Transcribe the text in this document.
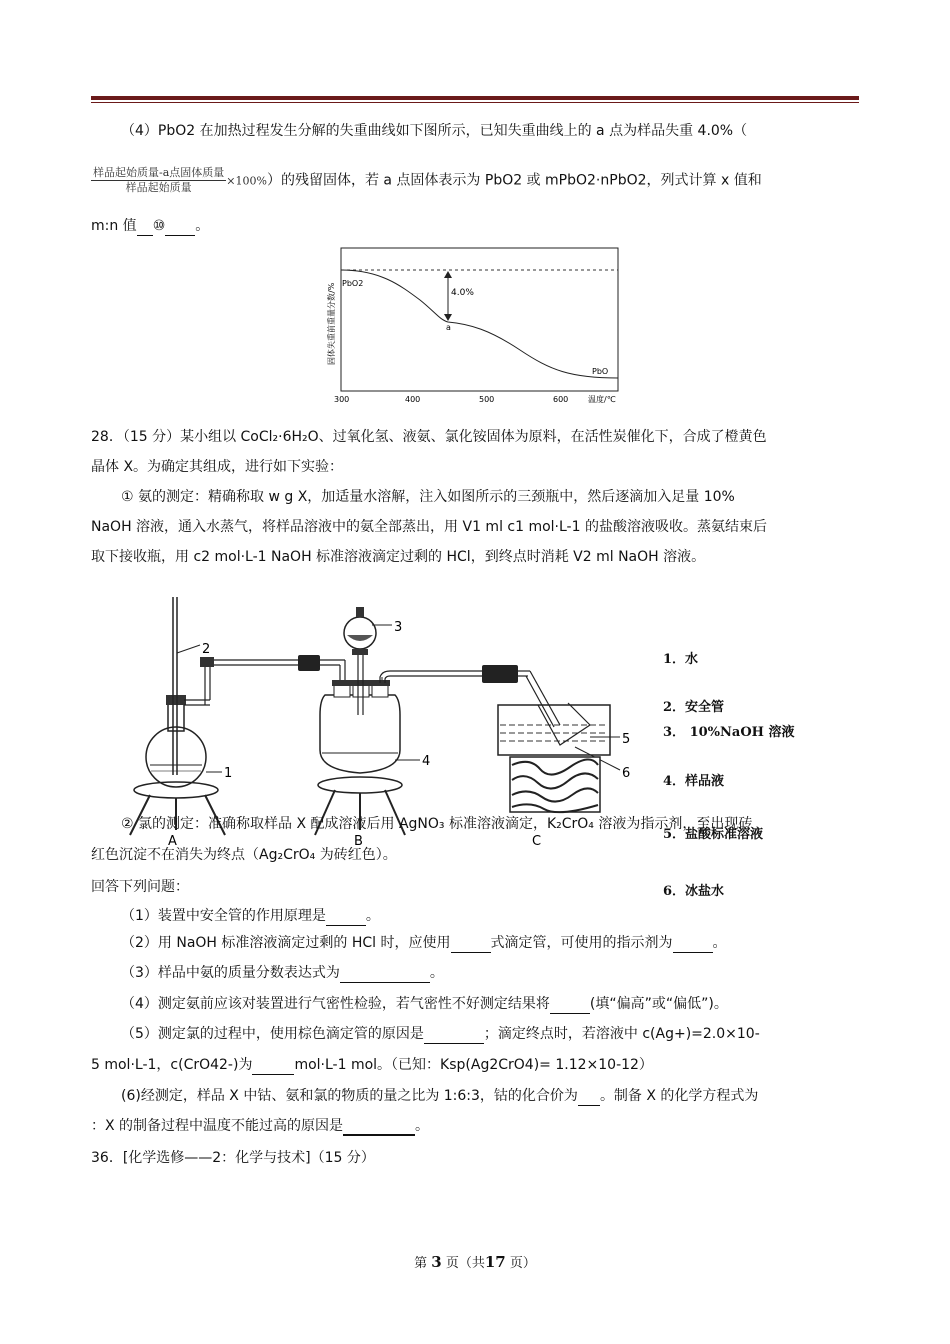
（4）PbO2 在加热过程发生分解的失重曲线如下图所示，已知失重曲线上的 a 点为样品失重 4.0%（
$\frac{\text{样品起始质量-a点固体质量}}{\text{样品起始质量}} \times 100\%$）的残留固体，若 a 点固体表示为 PbO2 或 mPbO2·nPbO2，列式计算 x 值和
m:n 值 ⑩ 。
4.0%
a
PbO2
PbO
固体失重前重量分数/%
300	400	500	600 温度/℃
28．（15 分）某小组以 CoCl₂·6H₂O、过氧化氢、液氨、氯化铵固体为原料，在活性炭催化下，合成了橙黄色
晶体 X。为确定其组成，进行如下实验：
① 氨的测定：精确称取 w g X，加适量水溶解，注入如图所示的三颈瓶中，然后逐滴加入足量 10%
NaOH 溶液，通入水蒸气，将样品溶液中的氨全部蒸出，用 V1 ml c1 mol·L-1 的盐酸溶液吸收。蒸氨结束后
取下接收瓶，用 c2 mol·L-1 NaOH 标准溶液滴定过剩的 HCl，到终点时消耗 V2 ml NaOH 溶液。
1
2
A
3
4
B
5
6
C
1．水
2．安全管
3． 10%NaOH 溶液
4．样品液
5．盐酸标准溶液
6．冰盐水
② 氯的测定：准确称取样品 X 配成溶液后用 AgNO₃ 标准溶液滴定，K₂CrO₄ 溶液为指示剂，至出现砖
红色沉淀不在消失为终点（Ag₂CrO₄ 为砖红色）。
回答下列问题：
（1）装置中安全管的作用原理是	。
（2）用 NaOH 标准溶液滴定过剩的 HCl 时，应使用	式滴定管，可使用的指示剂为	。
（3）样品中氨的质量分数表达式为	。
（4）测定氨前应该对装置进行气密性检验，若气密性不好测定结果将	(填“偏高”或“偏低”)。
（5）测定氯的过程中，使用棕色滴定管的原因是	；滴定终点时，若溶液中 c(Ag+)=2.0×10-
5 mol·L-1，c(CrO42-)为	mol·L-1 mol。（已知：Ksp(Ag2CrO4)= 1.12×10-12）
(6)经测定，样品 X 中钴、氨和氯的物质的量之比为 1:6:3，钴的化合价为 。制备 X 的化学方程式为
：X 的制备过程中温度不能过高的原因是	。
36．[化学选修——2：化学与技术]（15 分）
第 3 页（共17 页）
